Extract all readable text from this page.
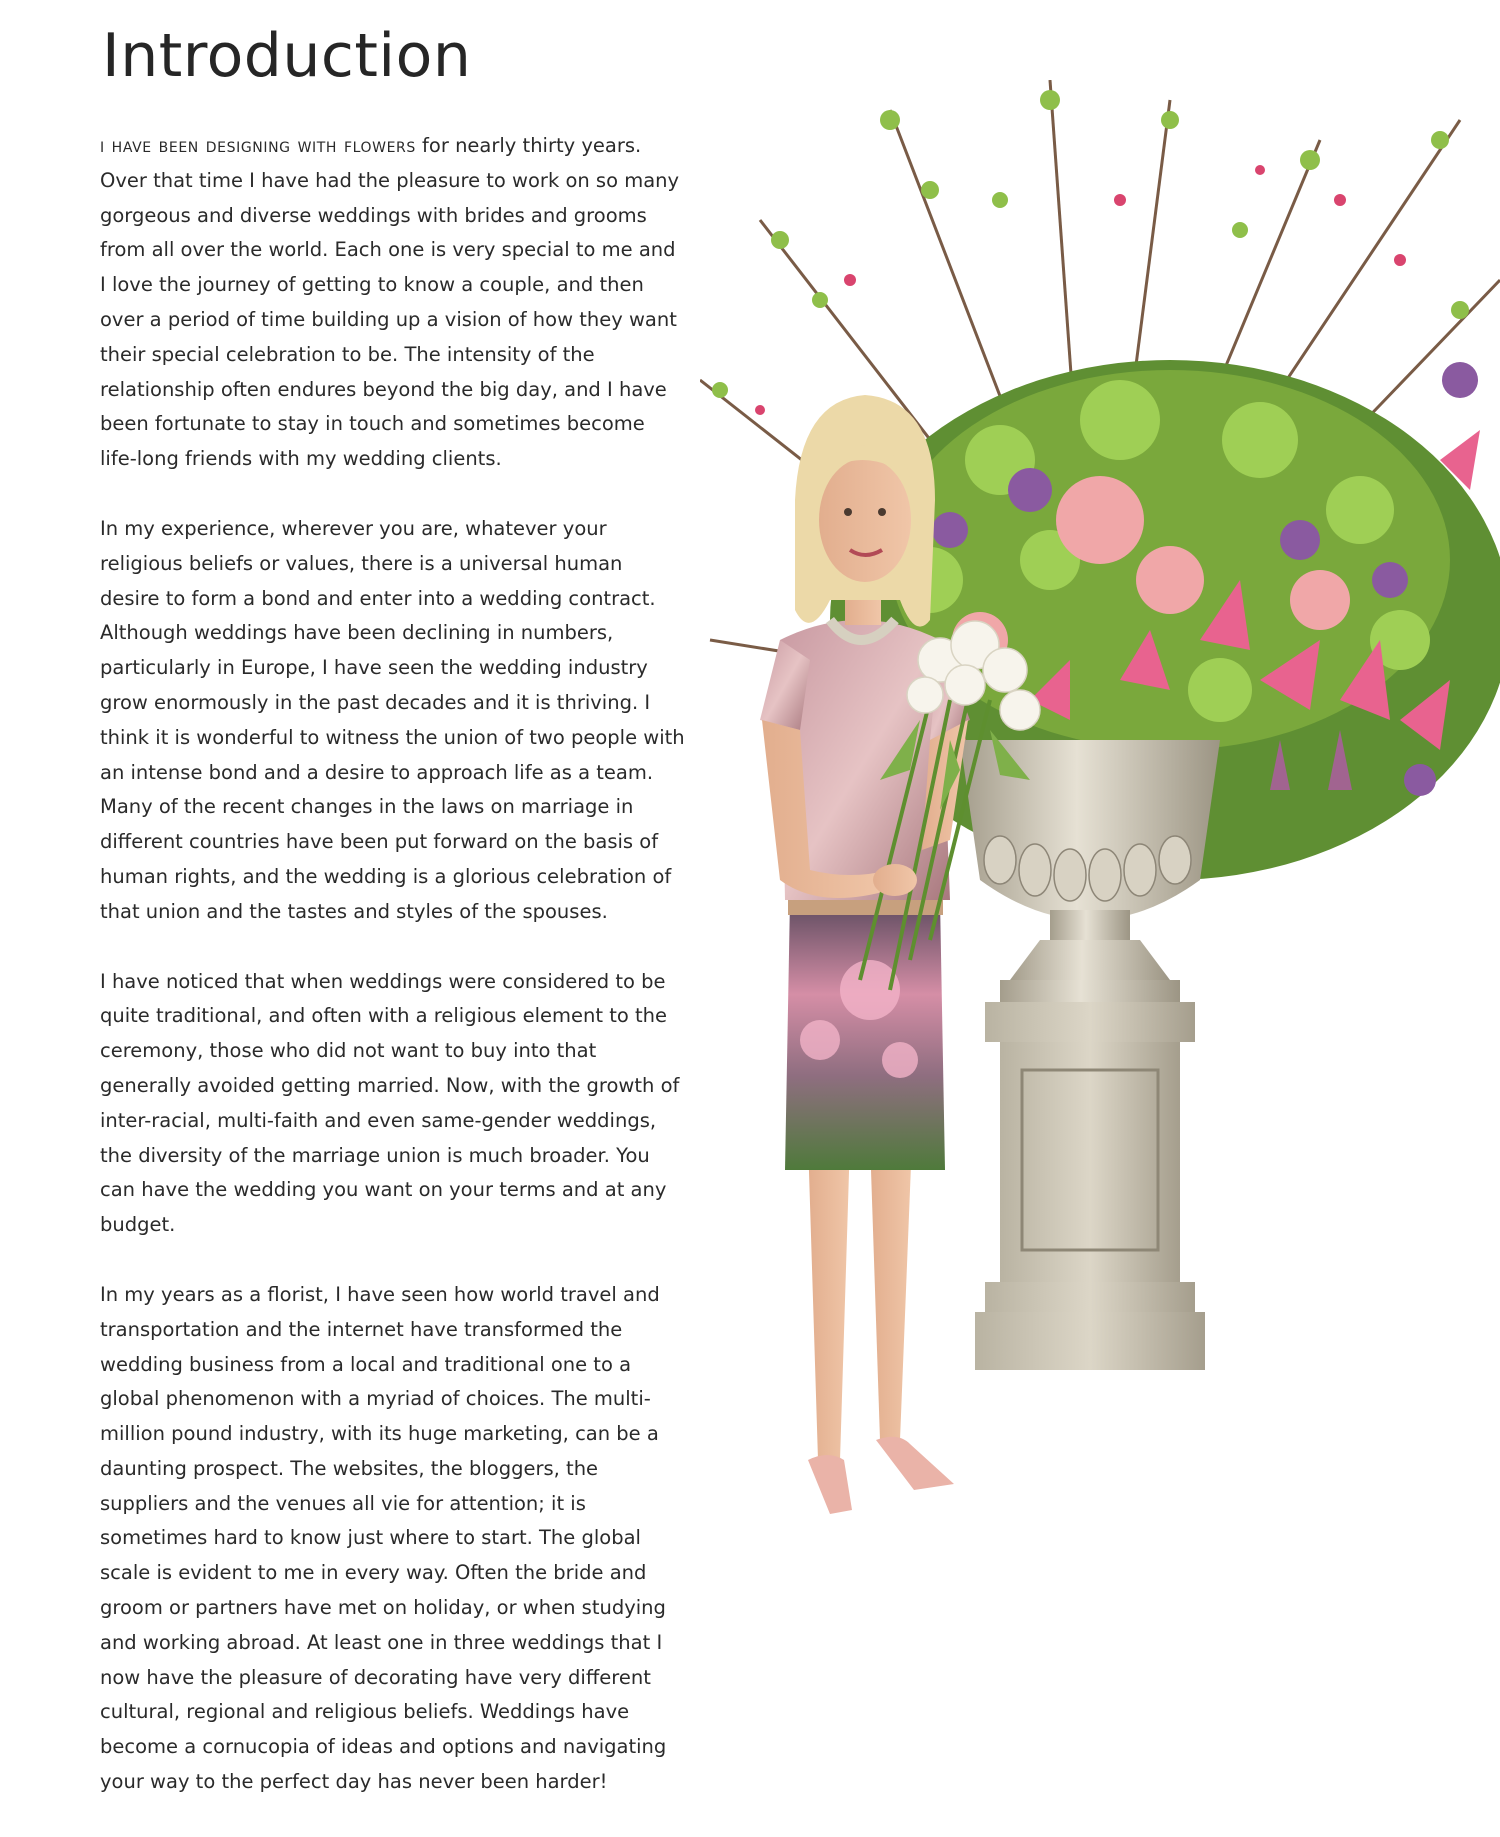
Introduction

i have been designing with flowers for nearly thirty years. Over that time I have had the pleasure to work on so many gorgeous and diverse weddings with brides and grooms from all over the world. Each one is very special to me and I love the journey of getting to know a couple, and then over a period of time building up a vision of how they want their special celebration to be. The intensity of the relationship often endures beyond the big day, and I have been fortunate to stay in touch and sometimes become life-long friends with my wedding clients.

In my experience, wherever you are, whatever your religious beliefs or values, there is a universal human desire to form a bond and enter into a wedding contract. Although weddings have been declining in numbers, particularly in Europe, I have seen the wedding industry grow enormously in the past decades and it is thriving. I think it is wonderful to witness the union of two people with an intense bond and a desire to approach life as a team. Many of the recent changes in the laws on marriage in different countries have been put forward on the basis of human rights, and the wedding is a glorious celebration of that union and the tastes and styles of the spouses.

I have noticed that when weddings were considered to be quite traditional, and often with a religious element to the ceremony, those who did not want to buy into that generally avoided getting married. Now, with the growth of inter-racial, multi-faith and even same-gender weddings, the diversity of the marriage union is much broader. You can have the wedding you want on your terms and at any budget.

In my years as a florist, I have seen how world travel and transportation and the internet have transformed the wedding business from a local and traditional one to a global phenomenon with a myriad of choices. The multi-million pound industry, with its huge marketing, can be a daunting prospect. The websites, the bloggers, the suppliers and the venues all vie for attention; it is sometimes hard to know just where to start. The global scale is evident to me in every way. Often the bride and groom or partners have met on holiday, or when studying and working abroad. At least one in three weddings that I now have the pleasure of decorating have very different cultural, regional and religious beliefs. Weddings have become a cornucopia of ideas and options and navigating your way to the perfect day has never been harder!
